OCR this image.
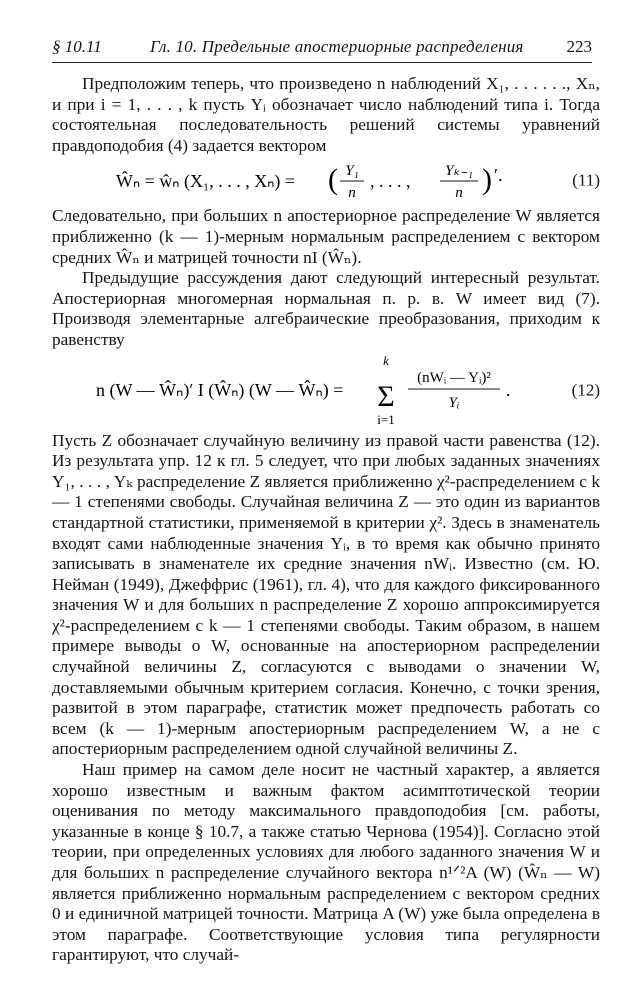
§ 10.11	Гл. 10. Предельные апостериорные распределения	223

Предположим теперь, что произведено n наблюдений X₁, . . . . . ., Xₙ, и при i = 1, . . . , k пусть Yᵢ обозначает число наблюдений типа i. Тогда состоятельная последовательность решений системы уравнений правдоподобия (4) задается вектором

Ŵₙ = ŵₙ (X₁, . . . , Xₙ) = ( Y₁
n
, . . . , Yₖ₋₁
n ) ′.	(11)

Следовательно, при больших n апостериорное распределение W является приближенно (k — 1)-мерным нормальным распределением с вектором средних Ŵₙ и матрицей точности nI (Ŵₙ).

Предыдущие рассуждения дают следующий интересный результат. Апостериорная многомерная нормальная п. р. в. W имеет вид (7). Производя элементарные алгебраические преобразования, приходим к равенству

n (W — Ŵₙ)′ I (Ŵₙ) (W — Ŵₙ) =
k
Σ
i=1
(nWᵢ — Yᵢ)²
Yᵢ
.	(12)

Пусть Z обозначает случайную величину из правой части равенства (12). Из результата упр. 12 к гл. 5 следует, что при любых заданных значениях Y₁, . . . , Yₖ распределение Z является приближенно χ²-распределением с k — 1 степенями свободы. Случайная величина Z — это один из вариантов стандартной статистики, применяемой в критерии χ². Здесь в знаменатель входят сами наблюденные значения Yᵢ, в то время как обычно принято записывать в знаменателе их средние значения nWᵢ. Известно (см. Ю. Нейман (1949), Джеффрис (1961), гл. 4), что для каждого фиксированного значения W и для больших n распределение Z хорошо аппроксимируется χ²-распределением с k — 1 степенями свободы. Таким образом, в нашем примере выводы о W, основанные на апостериорном распределении случайной величины Z, согласуются с выводами о значении W, доставляемыми обычным критерием согласия. Конечно, с точки зрения, развитой в этом параграфе, статистик может предпочесть работать со всем (k — 1)-мерным апостериорным распределением W, а не с апостериорным распределением одной случайной величины Z.

Наш пример на самом деле носит не частный характер, а является хорошо известным и важным фактом асимптотической теории оценивания по методу максимального правдоподобия [см. работы, указанные в конце § 10.7, а также статью Чернова (1954)]. Согласно этой теории, при определенных условиях для любого заданного значения W и для больших n распределение случайного вектора n¹ᐟ²A (W) (Ŵₙ — W) является приближенно нормальным распределением с вектором средних 0 и единичной матрицей точности. Матрица A (W) уже была определена в этом параграфе. Соответствующие условия типа регулярности гарантируют, что случай-
